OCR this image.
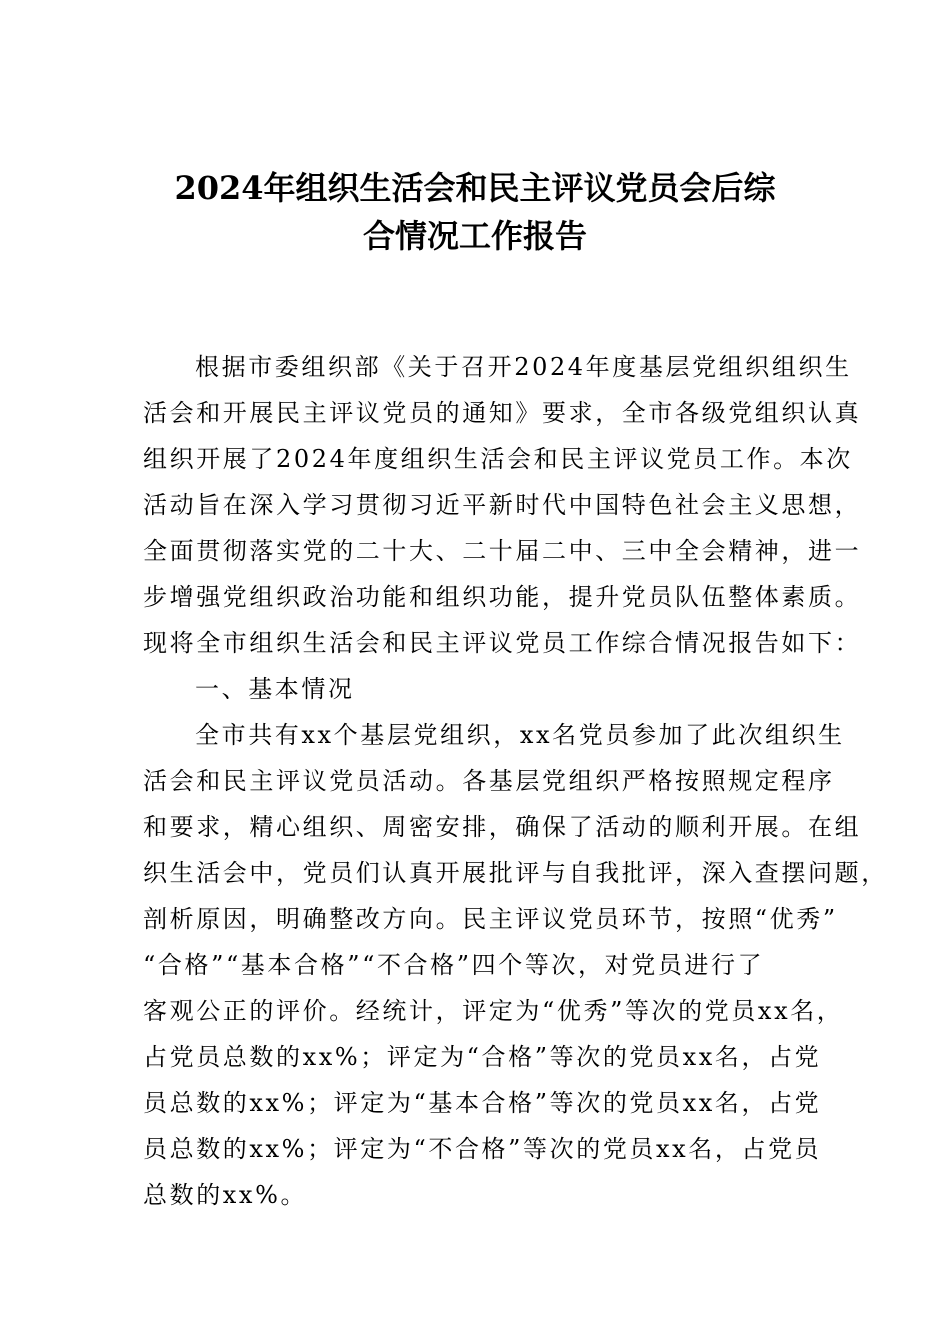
2024年组织生活会和民主评议党员会后综
合情况工作报告
根据市委组织部《关于召开2024年度基层党组织组织生
活会和开展民主评议党员的通知》要求，全市各级党组织认真
组织开展了2024年度组织生活会和民主评议党员工作。本次
活动旨在深入学习贯彻习近平新时代中国特色社会主义思想，
全面贯彻落实党的二十大、二十届二中、三中全会精神，进一
步增强党组织政治功能和组织功能，提升党员队伍整体素质。
现将全市组织生活会和民主评议党员工作综合情况报告如下：
一、基本情况
全市共有xx个基层党组织，xx名党员参加了此次组织生
活会和民主评议党员活动。各基层党组织严格按照规定程序
和要求，精心组织、周密安排，确保了活动的顺利开展。在组
织生活会中，党员们认真开展批评与自我批评，深入查摆问题，
剖析原因，明确整改方向。民主评议党员环节，按照“优秀”
“合格”“基本合格”“不合格”四个等次，对党员进行了
客观公正的评价。经统计，评定为“优秀”等次的党员xx名，
占党员总数的xx%；评定为“合格”等次的党员xx名，占党
员总数的xx%；评定为“基本合格”等次的党员xx名，占党
员总数的xx%；评定为“不合格”等次的党员xx名，占党员
总数的xx%。
